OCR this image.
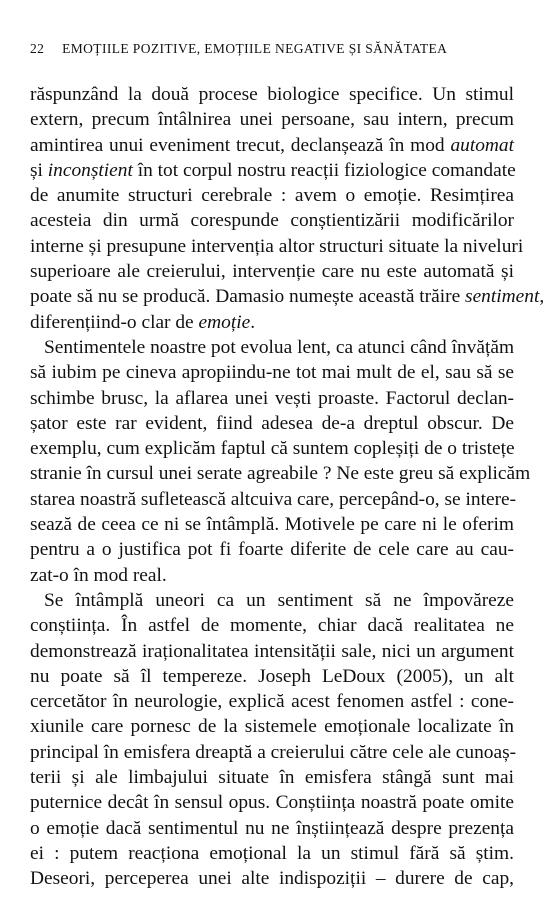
22 EMOȚIILE POZITIVE, EMOȚIILE NEGATIVE ȘI SĂNĂTATEA
răspunzând la două procese biologice specifice. Un stimul
extern, precum întâlnirea unei persoane, sau intern, precum
amintirea unui eveniment trecut, declanșează în mod automat
și inconștient în tot corpul nostru reacții fiziologice comandate
de anumite structuri cerebrale : avem o emoție. Resimțirea
acesteia din urmă corespunde conștientizării modificărilor
interne și presupune intervenția altor structuri situate la niveluri
superioare ale creierului, intervenție care nu este automată și
poate să nu se producă. Damasio numește această trăire sentiment,
diferențiind-o clar de emoție.
Sentimentele noastre pot evolua lent, ca atunci când învățăm
să iubim pe cineva apropiindu-ne tot mai mult de el, sau să se
schimbe brusc, la aflarea unei vești proaste. Factorul declan-
șator este rar evident, fiind adesea de-a dreptul obscur. De
exemplu, cum explicăm faptul că suntem copleșiți de o tristețe
stranie în cursul unei serate agreabile ? Ne este greu să explicăm
starea noastră sufletească altcuiva care, percepând-o, se intere-
sează de ceea ce ni se întâmplă. Motivele pe care ni le oferim
pentru a o justifica pot fi foarte diferite de cele care au cau-
zat-o în mod real.
Se întâmplă uneori ca un sentiment să ne împovăreze
conștiința. În astfel de momente, chiar dacă realitatea ne
demonstrează iraționalitatea intensității sale, nici un argument
nu poate să îl tempereze. Joseph LeDoux (2005), un alt
cercetător în neurologie, explică acest fenomen astfel : cone-
xiunile care pornesc de la sistemele emoționale localizate în
principal în emisfera dreaptă a creierului către cele ale cunoaș-
terii și ale limbajului situate în emisfera stângă sunt mai
puternice decât în sensul opus. Conștiința noastră poate omite
o emoție dacă sentimentul nu ne înștiințează despre prezența
ei : putem reacționa emoțional la un stimul fără să știm.
Deseori, perceperea unei alte indispoziții – durere de cap,
